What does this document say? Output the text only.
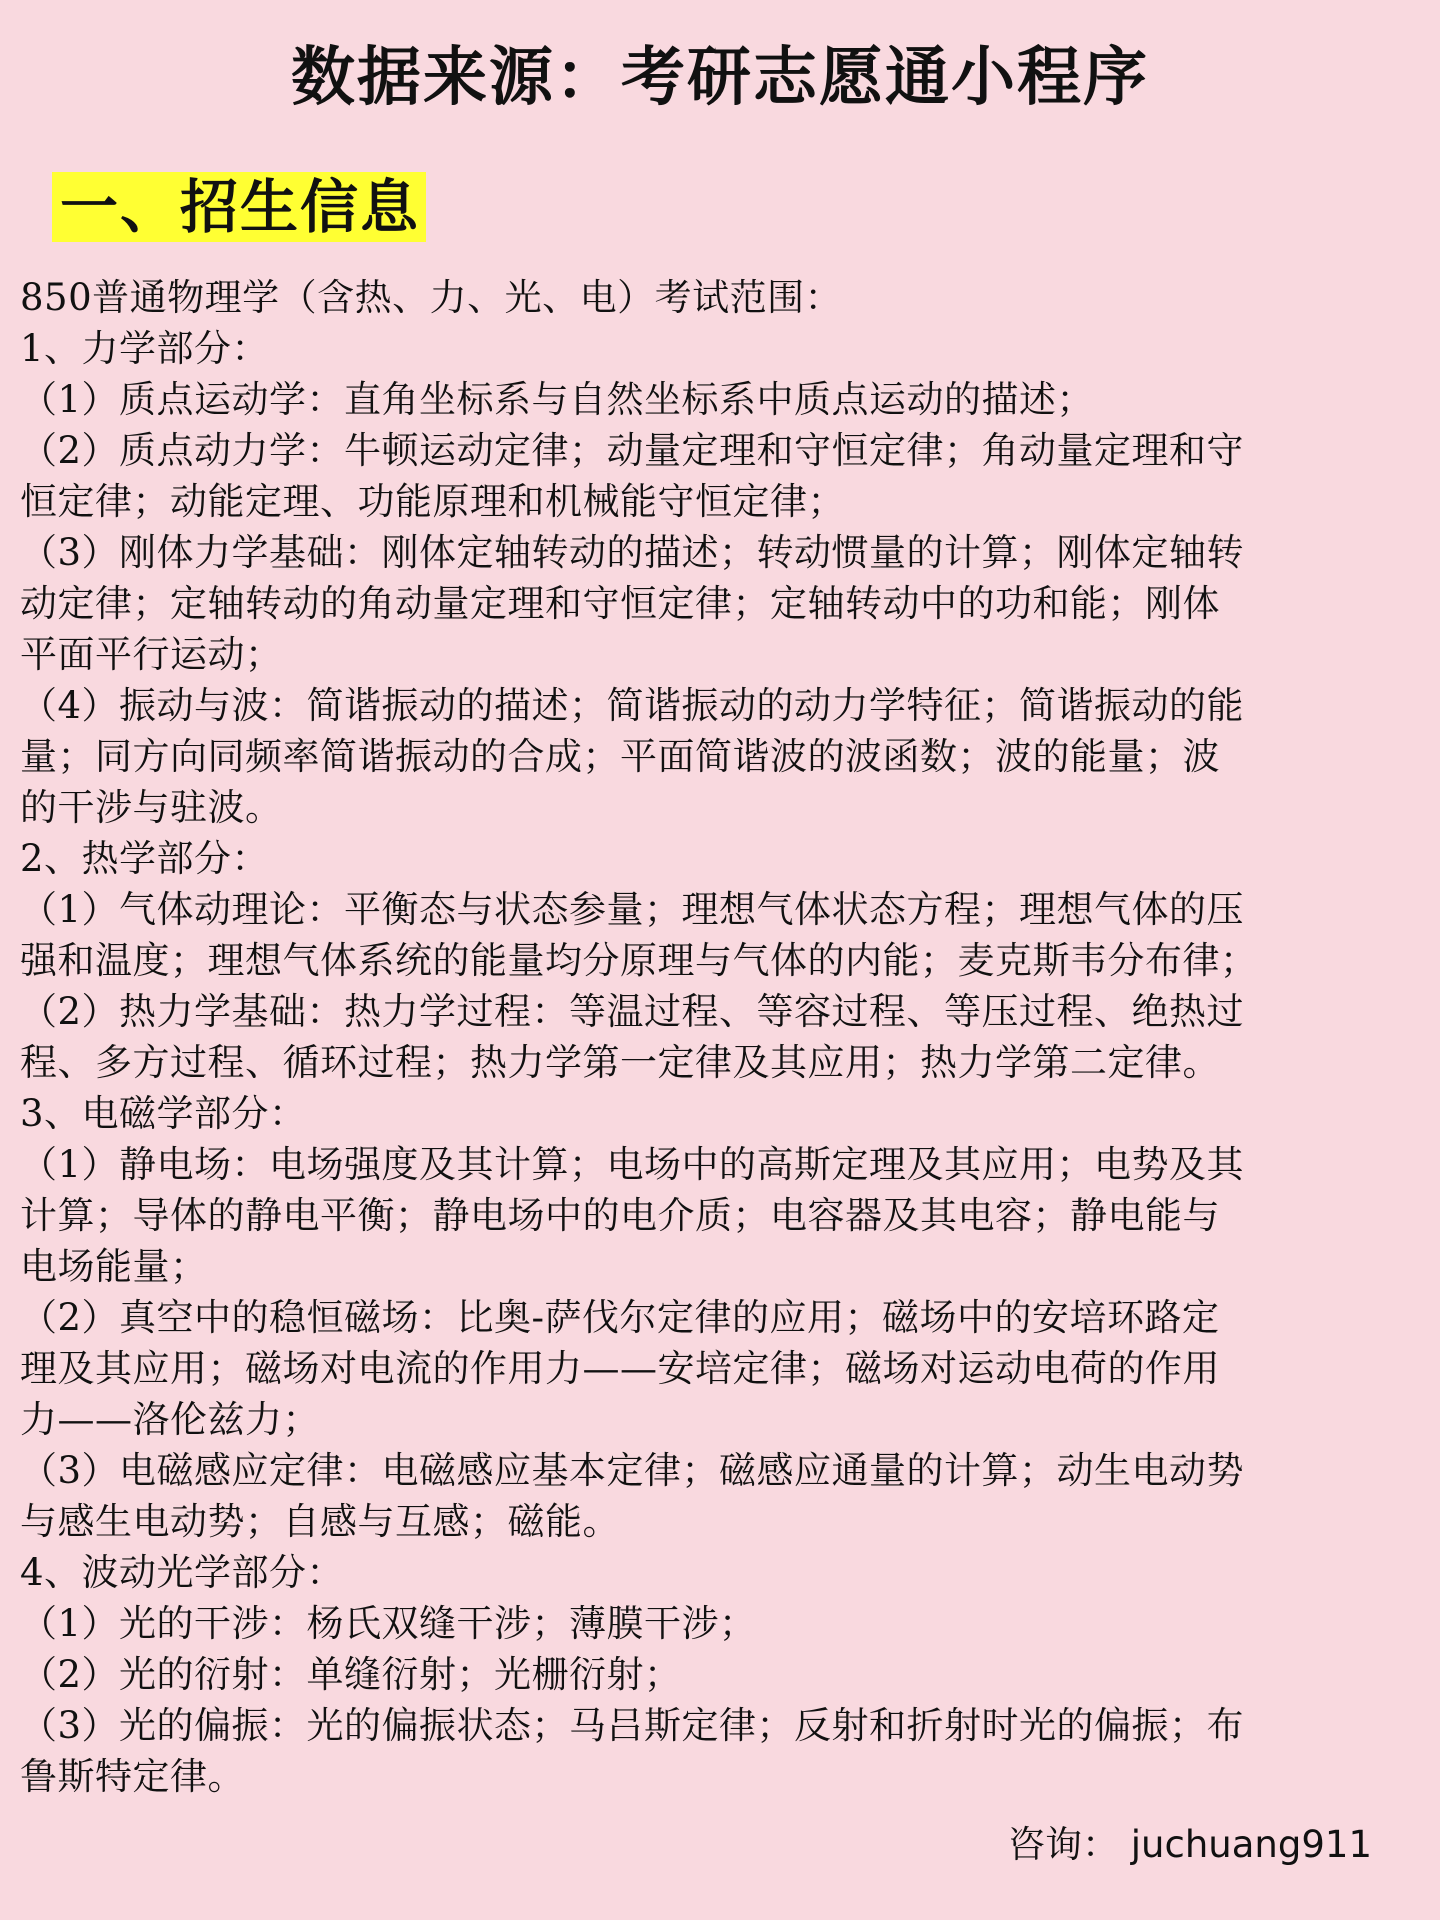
数据来源：考研志愿通小程序
一、招生信息
850普通物理学（含热、力、光、电）考试范围：
1、力学部分：
（1）质点运动学：直角坐标系与自然坐标系中质点运动的描述；
（2）质点动力学：牛顿运动定律；动量定理和守恒定律；角动量定理和守
恒定律；动能定理、功能原理和机械能守恒定律；
（3）刚体力学基础：刚体定轴转动的描述；转动惯量的计算；刚体定轴转
动定律；定轴转动的角动量定理和守恒定律；定轴转动中的功和能；刚体
平面平行运动；
（4）振动与波：简谐振动的描述；简谐振动的动力学特征；简谐振动的能
量；同方向同频率简谐振动的合成；平面简谐波的波函数；波的能量；波
的干涉与驻波。
2、热学部分：
（1）气体动理论：平衡态与状态参量；理想气体状态方程；理想气体的压
强和温度；理想气体系统的能量均分原理与气体的内能；麦克斯韦分布律；
（2）热力学基础：热力学过程：等温过程、等容过程、等压过程、绝热过
程、多方过程、循环过程；热力学第一定律及其应用；热力学第二定律。
3、电磁学部分：
（1）静电场：电场强度及其计算；电场中的高斯定理及其应用；电势及其
计算；导体的静电平衡；静电场中的电介质；电容器及其电容；静电能与
电场能量；
（2）真空中的稳恒磁场：比奥-萨伐尔定律的应用；磁场中的安培环路定
理及其应用；磁场对电流的作用力——安培定律；磁场对运动电荷的作用
力——洛伦兹力；
（3）电磁感应定律：电磁感应基本定律；磁感应通量的计算；动生电动势
与感生电动势；自感与互感；磁能。
4、波动光学部分：
（1）光的干涉：杨氏双缝干涉；薄膜干涉；
（2）光的衍射：单缝衍射；光栅衍射；
（3）光的偏振：光的偏振状态；马吕斯定律；反射和折射时光的偏振；布
鲁斯特定律。
咨询： juchuang911
